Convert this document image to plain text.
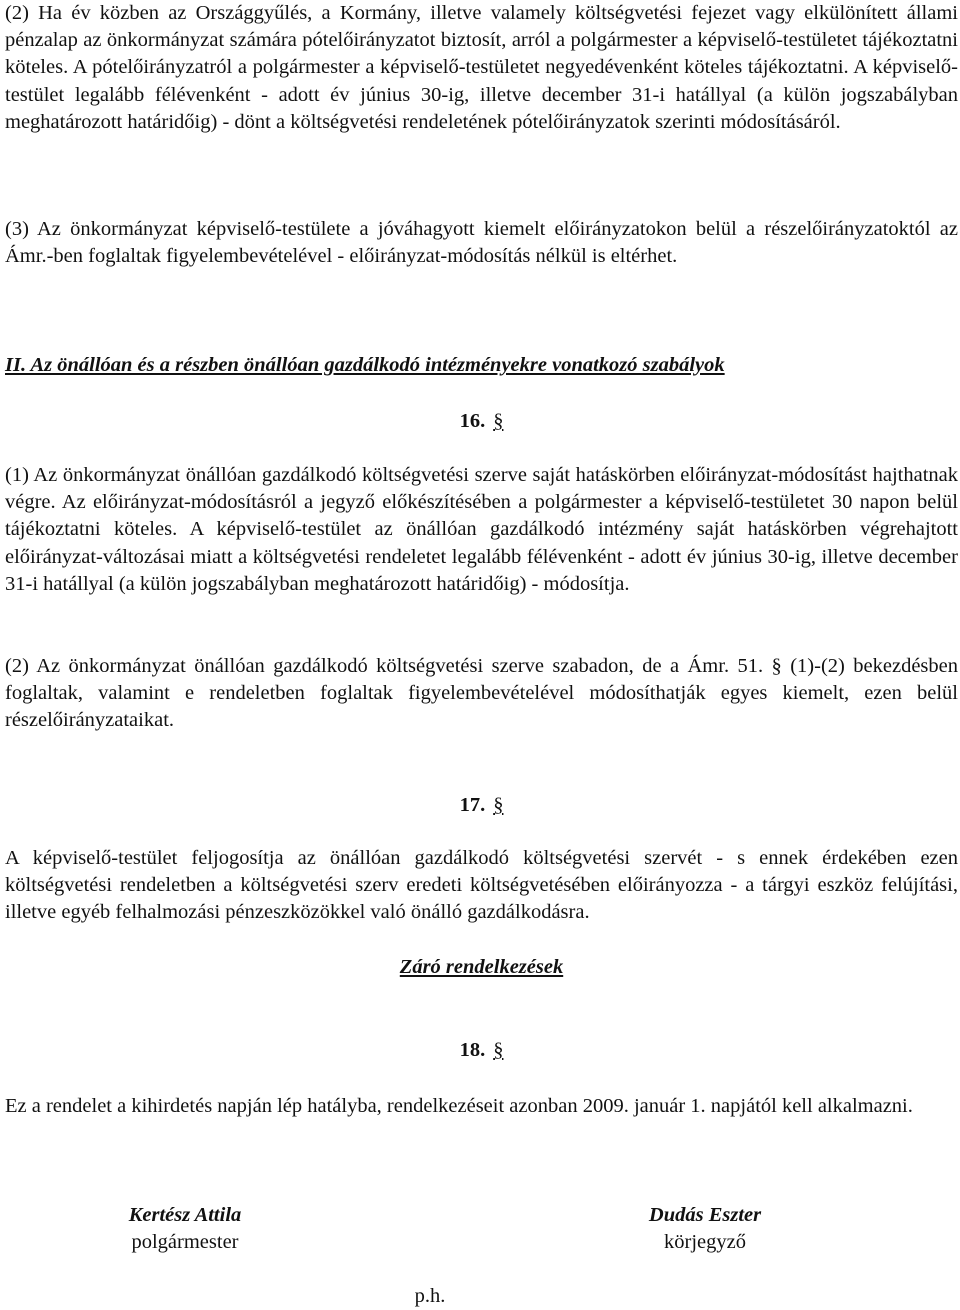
(2) Ha év közben az Országgyűlés, a Kormány, illetve valamely költségvetési fejezet vagy elkülönített állami pénzalap az önkormányzat számára pótelőirányzatot biztosít, arról a polgármester a képviselő-testületet tájékoztatni köteles. A pótelőirányzatról a polgármester a képviselő-testületet negyedévenként köteles tájékoztatni. A képviselő-testület legalább félévenként - adott év június 30-ig, illetve december 31-i hatállyal (a külön jogszabályban meghatározott határidőig) - dönt a költségvetési rendeletének pótelőirányzatok szerinti módosításáról.

(3) Az önkormányzat képviselő-testülete a jóváhagyott kiemelt előirányzatokon belül a részelőirányzatoktól az Ámr.-ben foglaltak figyelembevételével - előirányzat-módosítás nélkül is eltérhet.

II. Az önállóan és a részben önállóan gazdálkodó intézményekre vonatkozó szabályok
16. §

(1) Az önkormányzat önállóan gazdálkodó költségvetési szerve saját hatáskörben előirányzat-módosítást hajthatnak végre. Az előirányzat-módosításról a jegyző előkészítésében a polgármester a képviselő-testületet 30 napon belül tájékoztatni köteles. A képviselő-testület az önállóan gazdálkodó intézmény saját hatáskörben végrehajtott előirányzat-változásai miatt a költségvetési rendeletet legalább félévenként - adott év június 30-ig, illetve december 31-i hatállyal (a külön jogszabályban meghatározott határidőig) - módosítja.

(2) Az önkormányzat önállóan gazdálkodó költségvetési szerve szabadon, de a Ámr. 51. § (1)-(2) bekezdésben foglaltak, valamint e rendeletben foglaltak figyelembevételével módosíthatják egyes kiemelt, ezen belül részelőirányzataikat.

17. §

A képviselő-testület feljogosítja az önállóan gazdálkodó költségvetési szervét - s ennek érdekében ezen költségvetési rendeletben a költségvetési szerv eredeti költségvetésében előirányozza - a tárgyi eszköz felújítási, illetve egyéb felhalmozási pénzeszközökkel való önálló gazdálkodásra.

Záró rendelkezések
18. §

Ez a rendelet a kihirdetés napján lép hatályba, rendelkezéseit azonban 2009. január 1. napjától kell alkalmazni.

Kertész Attila
polgármester
Dudás Eszter
körjegyző
p.h.
